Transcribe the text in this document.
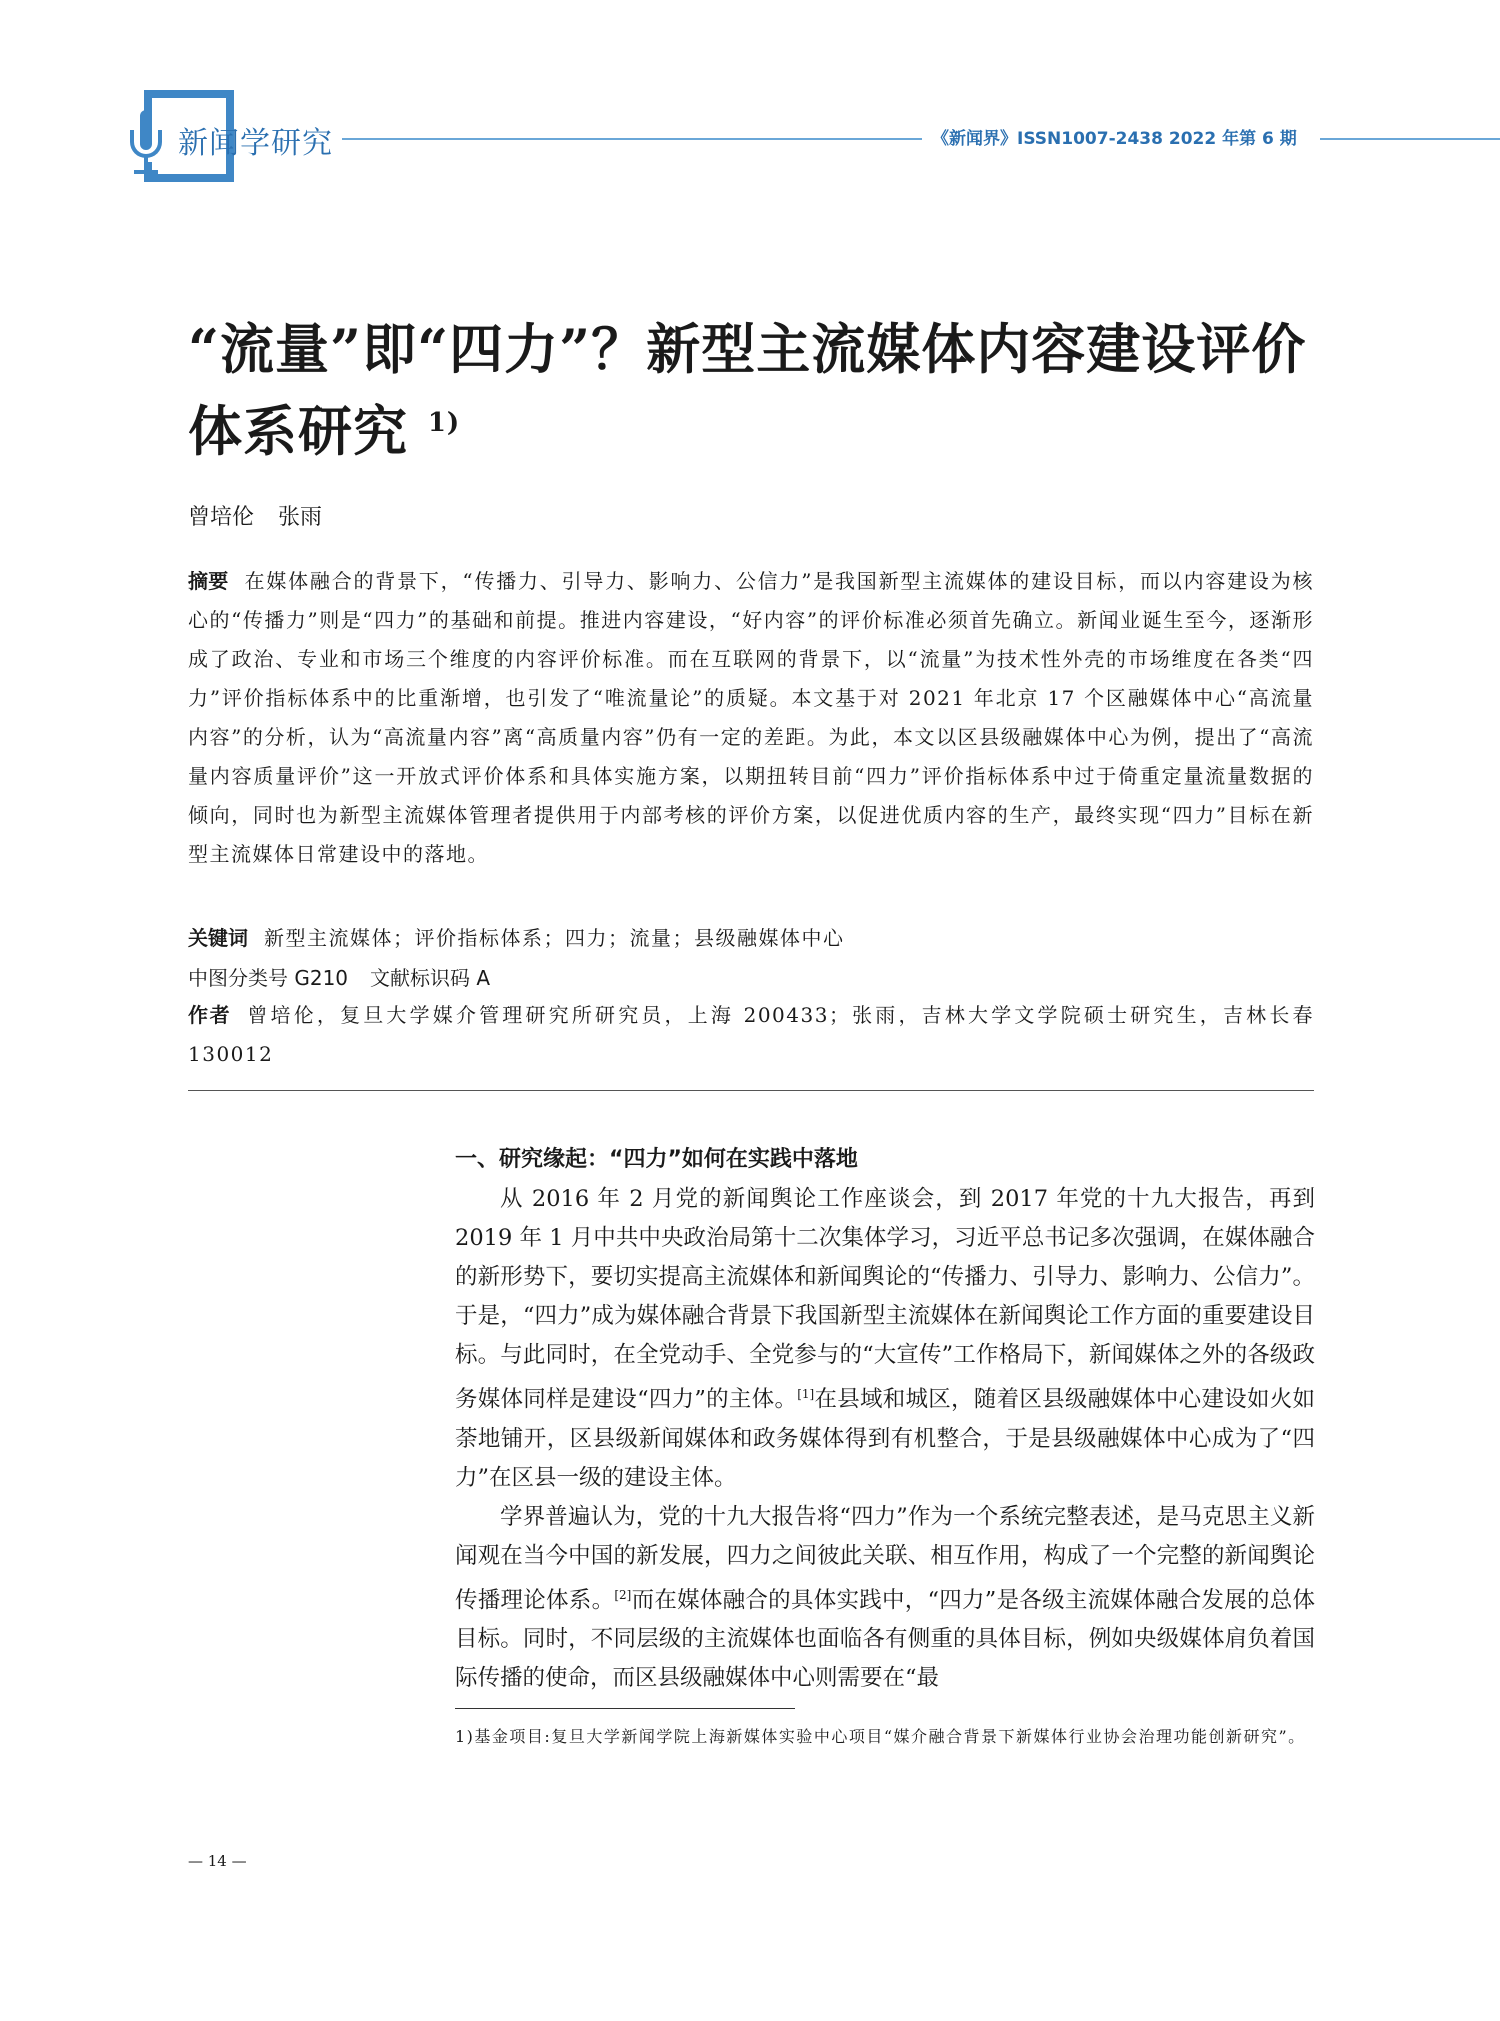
新闻学研究	《新闻界》ISSN1007-2438 2022 年第 6 期
“流量”即“四力”？新型主流媒体内容建设评价体系研究 $^{1)}$
曾培伦 张雨
摘要 在媒体融合的背景下，“传播力、引导力、影响力、公信力”是我国新型主流媒体的建设目标，而以内容建设为核心的“传播力”则是“四力”的基础和前提。推进内容建设，“好内容”的评价标准必须首先确立。新闻业诞生至今，逐渐形成了政治、专业和市场三个维度的内容评价标准。而在互联网的背景下，以“流量”为技术性外壳的市场维度在各类“四力”评价指标体系中的比重渐增，也引发了“唯流量论”的质疑。本文基于对 2021 年北京 17 个区融媒体中心“高流量内容”的分析，认为“高流量内容”离“高质量内容”仍有一定的差距。为此，本文以区县级融媒体中心为例，提出了“高流量内容质量评价”这一开放式评价体系和具体实施方案，以期扭转目前“四力”评价指标体系中过于倚重定量流量数据的倾向，同时也为新型主流媒体管理者提供用于内部考核的评价方案，以促进优质内容的生产，最终实现“四力”目标在新型主流媒体日常建设中的落地。
关键词 新型主流媒体；评价指标体系；四力；流量；县级融媒体中心
中图分类号 G210 文献标识码 A
作者 曾培伦，复旦大学媒介管理研究所研究员，上海 200433；张雨，吉林大学文学院硕士研究生，吉林长春 130012
一、研究缘起：“四力”如何在实践中落地

从 2016 年 2 月党的新闻舆论工作座谈会，到 2017 年党的十九大报告，再到 2019 年 1 月中共中央政治局第十二次集体学习，习近平总书记多次强调，在媒体融合的新形势下，要切实提高主流媒体和新闻舆论的“传播力、引导力、影响力、公信力”。于是，“四力”成为媒体融合背景下我国新型主流媒体在新闻舆论工作方面的重要建设目标。与此同时，在全党动手、全党参与的“大宣传”工作格局下，新闻媒体之外的各级政务媒体同样是建设“四力”的主体。[1]在县域和城区，随着区县级融媒体中心建设如火如荼地铺开，区县级新闻媒体和政务媒体得到有机整合，于是县级融媒体中心成为了“四力”在区县一级的建设主体。

学界普遍认为，党的十九大报告将“四力”作为一个系统完整表述，是马克思主义新闻观在当今中国的新发展，四力之间彼此关联、相互作用，构成了一个完整的新闻舆论传播理论体系。[2]而在媒体融合的具体实践中，“四力”是各级主流媒体融合发展的总体目标。同时，不同层级的主流媒体也面临各有侧重的具体目标，例如央级媒体肩负着国际传播的使命，而区县级融媒体中心则需要在“最

1)基金项目:复旦大学新闻学院上海新媒体实验中心项目“媒介融合背景下新媒体行业协会治理功能创新研究”。
— 14 —
